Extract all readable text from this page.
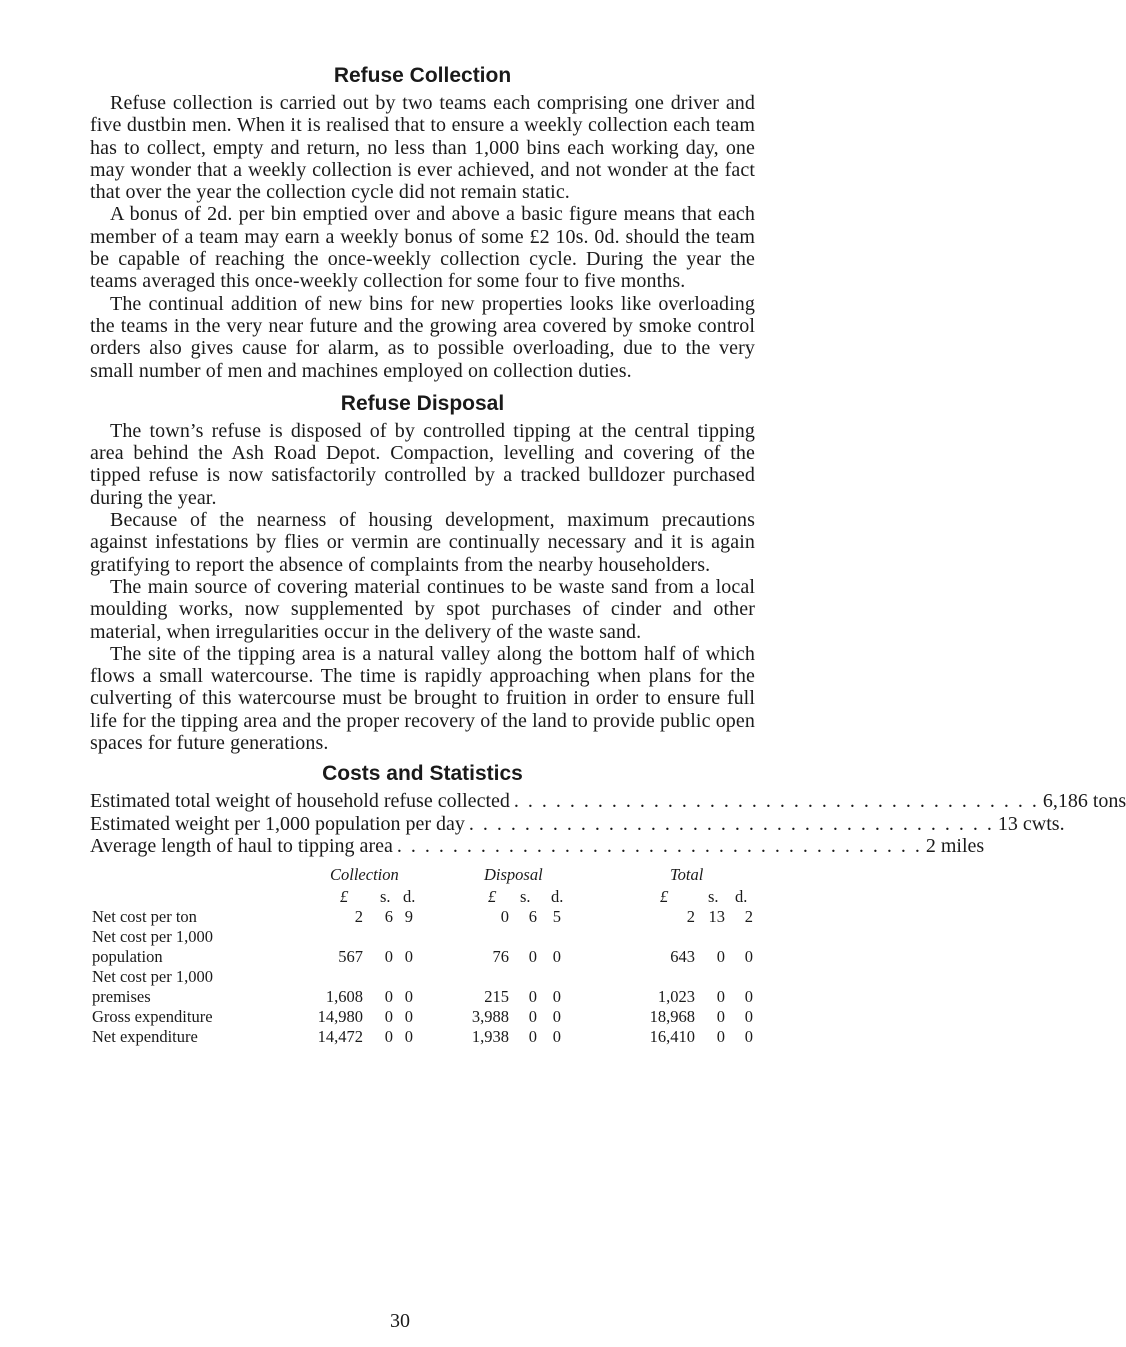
Refuse Collection

Refuse collection is carried out by two teams each comprising one driver and five dustbin men. When it is realised that to ensure a weekly collection each team has to collect, empty and return, no less than 1,000 bins each working day, one may wonder that a weekly collection is ever achieved, and not wonder at the fact that over the year the collection cycle did not remain static.

A bonus of 2d. per bin emptied over and above a basic figure means that each member of a team may earn a weekly bonus of some £2 10s. 0d. should the team be capable of reaching the once-weekly collection cycle. During the year the teams averaged this once-weekly collection for some four to five months.

The continual addition of new bins for new properties looks like overloading the teams in the very near future and the growing area covered by smoke control orders also gives cause for alarm, as to possible overloading, due to the very small number of men and machines employed on collection duties.

Refuse Disposal

The town’s refuse is disposed of by controlled tipping at the central tipping area behind the Ash Road Depot. Compaction, levelling and covering of the tipped refuse is now satisfactorily controlled by a tracked bulldozer purchased during the year.

Because of the nearness of housing development, maximum precautions against infestations by flies or vermin are continually necessary and it is again gratifying to report the absence of complaints from the nearby householders.

The main source of covering material continues to be waste sand from a local moulding works, now supplemented by spot purchases of cinder and other material, when irregularities occur in the delivery of the waste sand.

The site of the tipping area is a natural valley along the bottom half of which flows a small watercourse. The time is rapidly approaching when plans for the culverting of this watercourse must be brought to fruition in order to ensure full life for the tipping area and the proper recovery of the land to provide public open spaces for future generations.

Costs and Statistics
Estimated total weight of household refuse collected . . . . . . . . . . . . . . . . . . . . . . . . . . . . . . . . . . . . . . 6,186 tons
Estimated weight per 1,000 population per day . . . . . . . . . . . . . . . . . . . . . . . . . . . . . . . . . . . . . . 13 cwts.
Average length of haul to tipping area . . . . . . . . . . . . . . . . . . . . . . . . . . . . . . . . . . . . . . 2 miles
Collection	Disposal	Total
£ s. d.	£ s. d.	£ s. d.
Net cost per ton	2 6 9	0 6 5	2 13 2
Net cost per 1,000
population	567 0 0	76 0 0	643 0 0
Net cost per 1,000
premises	1,608 0 0	215 0 0	1,023 0 0
Gross expenditure	14,980 0 0	3,988 0 0	18,968 0 0
Net expenditure	14,472 0 0	1,938 0 0	16,410 0 0
30
